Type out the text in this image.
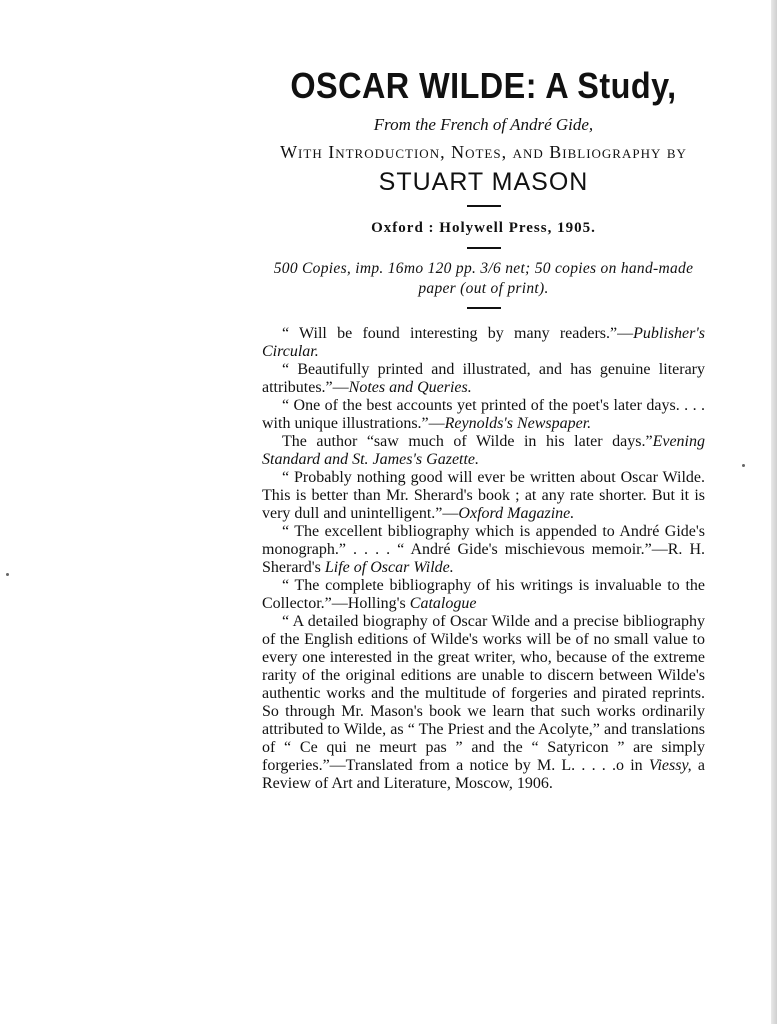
OSCAR WILDE: A Study,
From the French of André Gide,
With Introduction, Notes, and Bibliography by
STUART MASON
Oxford : Holywell Press, 1905.
500 Copies, imp. 16mo 120 pp. 3/6 net; 50 copies on hand-made paper (out of print).

“ Will be found interesting by many readers.”—Publisher's Circular.

“ Beautifully printed and illustrated, and has genuine literary attributes.”—Notes and Queries.

“ One of the best accounts yet printed of the poet's later days. . . . with unique illustrations.”—Reynolds's Newspaper.

The author “saw much of Wilde in his later days.”Evening Standard and St. James's Gazette.

“ Probably nothing good will ever be written about Oscar Wilde. This is better than Mr. Sherard's book ; at any rate shorter. But it is very dull and unintelligent.”—Oxford Magazine.

“ The excellent bibliography which is appended to André Gide's monograph.” . . . . “ André Gide's mischievous memoir.”—R. H. Sherard's Life of Oscar Wilde.

“ The complete bibliography of his writings is invaluable to the Collector.”—Holling's Catalogue

“ A detailed biography of Oscar Wilde and a precise bibliography of the English editions of Wilde's works will be of no small value to every one interested in the great writer, who, because of the extreme rarity of the original editions are unable to discern between Wilde's authentic works and the multitude of forgeries and pirated reprints. So through Mr. Mason's book we learn that such works ordinarily attributed to Wilde, as “ The Priest and the Acolyte,” and translations of “ Ce qui ne meurt pas ” and the “ Satyricon ” are simply forgeries.”—Translated from a notice by M. L. . . . .o in Viessy, a Review of Art and Literature, Moscow, 1906.
